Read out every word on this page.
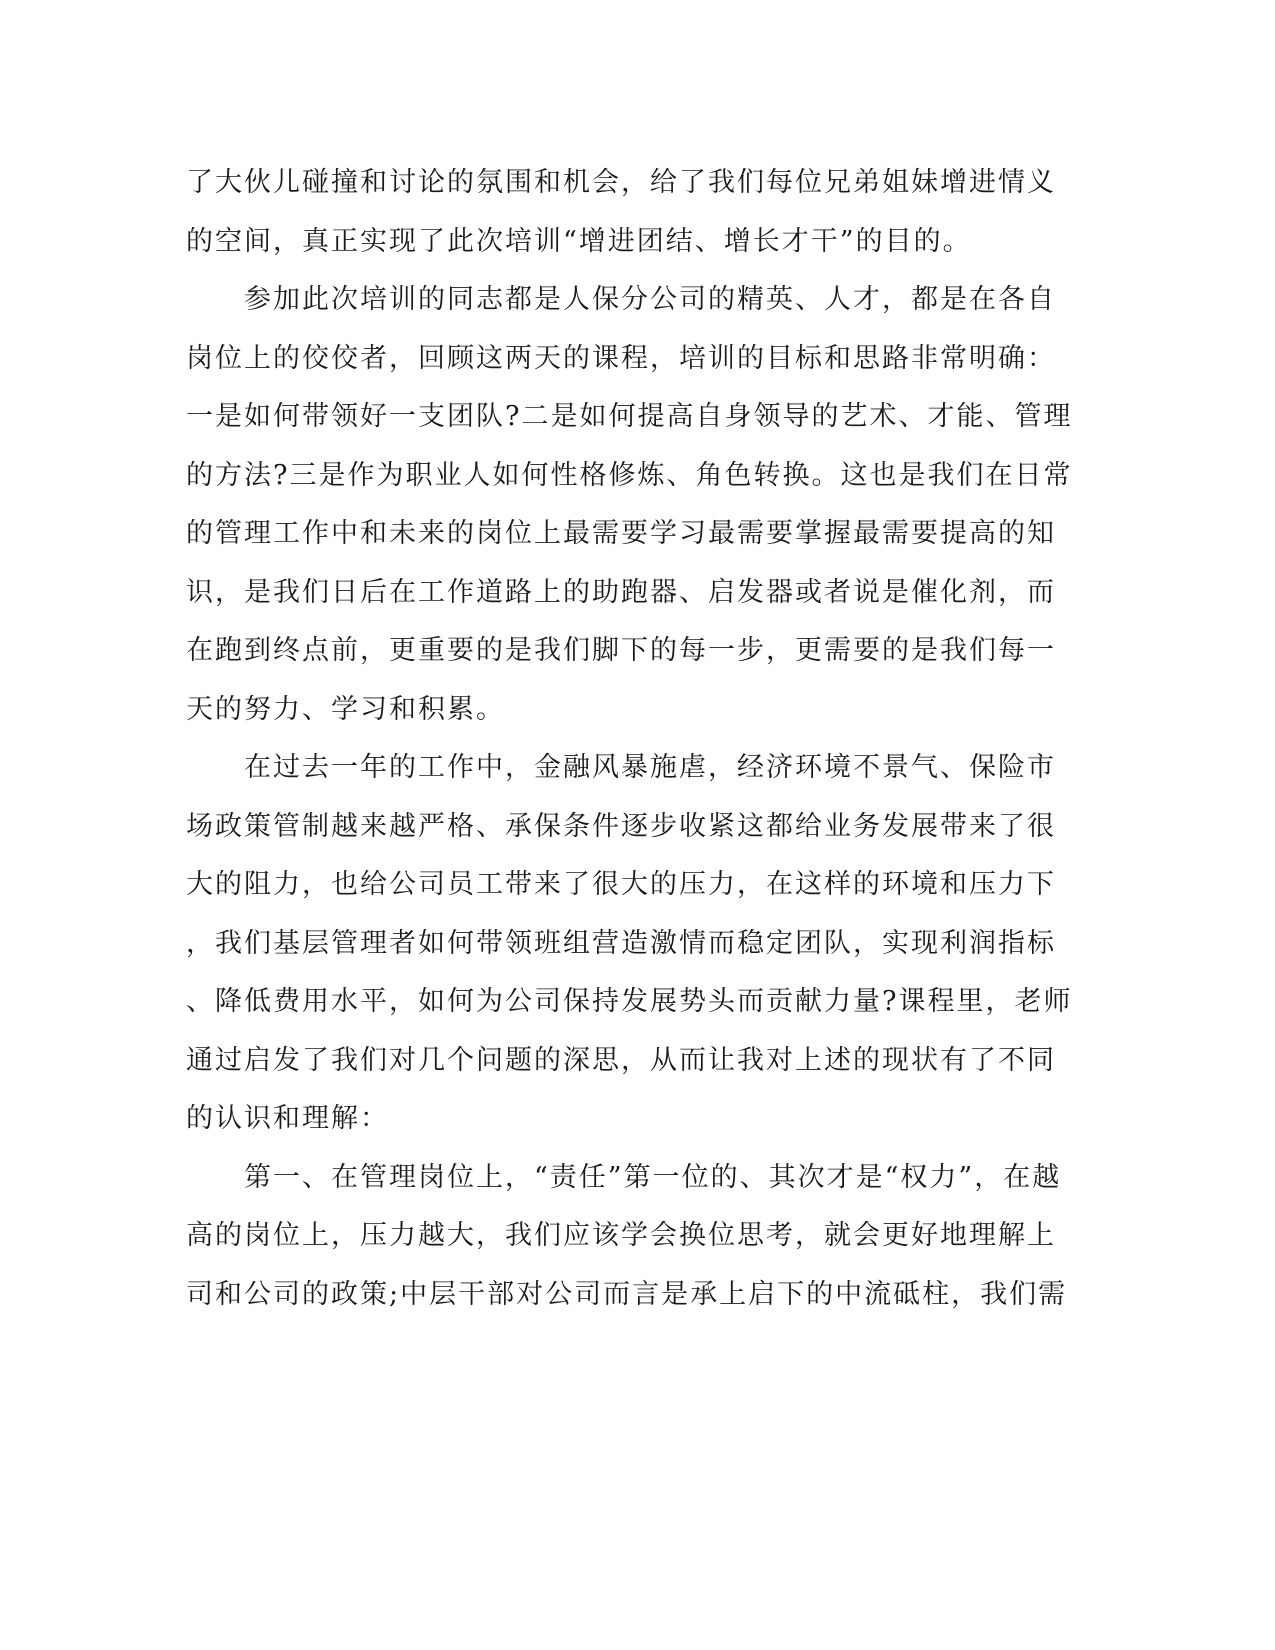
了大伙儿碰撞和讨论的氛围和机会，给了我们每位兄弟姐妹增进情义
的空间，真正实现了此次培训“增进团结、增长才干”的目的。
　　参加此次培训的同志都是人保分公司的精英、人才，都是在各自
岗位上的佼佼者，回顾这两天的课程，培训的目标和思路非常明确：
一是如何带领好一支团队?二是如何提高自身领导的艺术、才能、管理
的方法?三是作为职业人如何性格修炼、角色转换。这也是我们在日常
的管理工作中和未来的岗位上最需要学习最需要掌握最需要提高的知
识，是我们日后在工作道路上的助跑器、启发器或者说是催化剂，而
在跑到终点前，更重要的是我们脚下的每一步，更需要的是我们每一
天的努力、学习和积累。
　　在过去一年的工作中，金融风暴施虐，经济环境不景气、保险市
场政策管制越来越严格、承保条件逐步收紧这都给业务发展带来了很
大的阻力，也给公司员工带来了很大的压力，在这样的环境和压力下
，我们基层管理者如何带领班组营造激情而稳定团队，实现利润指标
、降低费用水平，如何为公司保持发展势头而贡献力量?课程里，老师
通过启发了我们对几个问题的深思，从而让我对上述的现状有了不同
的认识和理解：
　　第一、在管理岗位上，“责任”第一位的、其次才是“权力”，在越
高的岗位上，压力越大，我们应该学会换位思考，就会更好地理解上
司和公司的政策;中层干部对公司而言是承上启下的中流砥柱，我们需
